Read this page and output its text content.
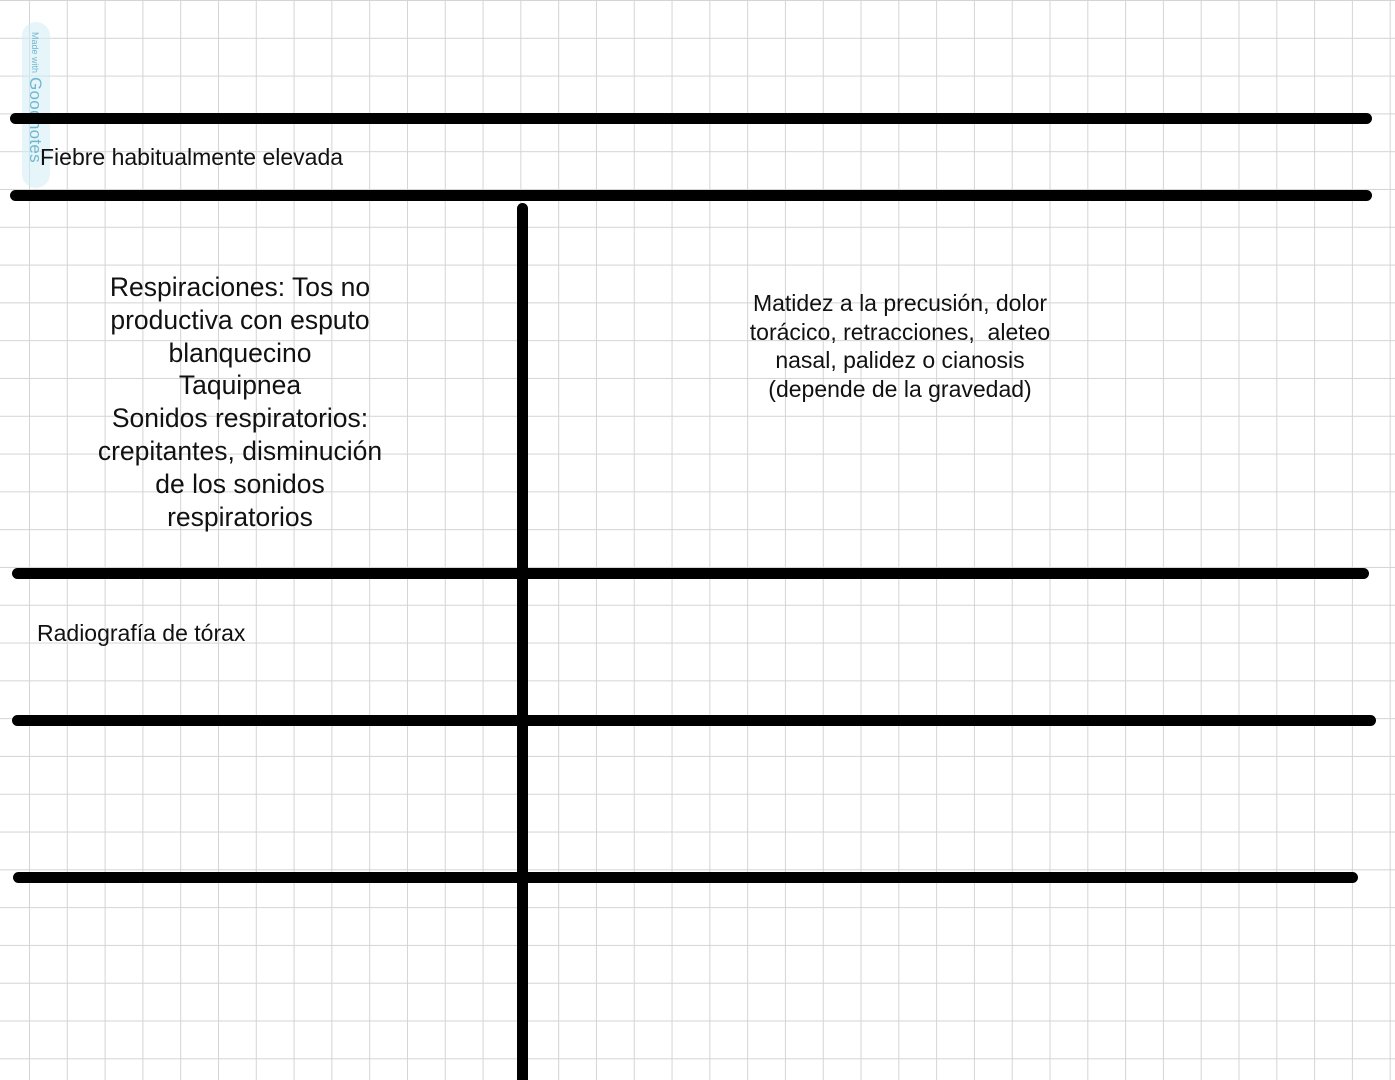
Made with
Fiebre habitualmente elevada
Respiraciones: Tos no
productiva con esputo
blanquecino
Taquipnea
Sonidos respiratorios:
crepitantes, disminución
de los sonidos
respiratorios
Matidez a la precusión, dolor
torácico, retracciones,  aleteo
nasal, palidez o cianosis
(depende de la gravedad)
Radiografía de tórax
